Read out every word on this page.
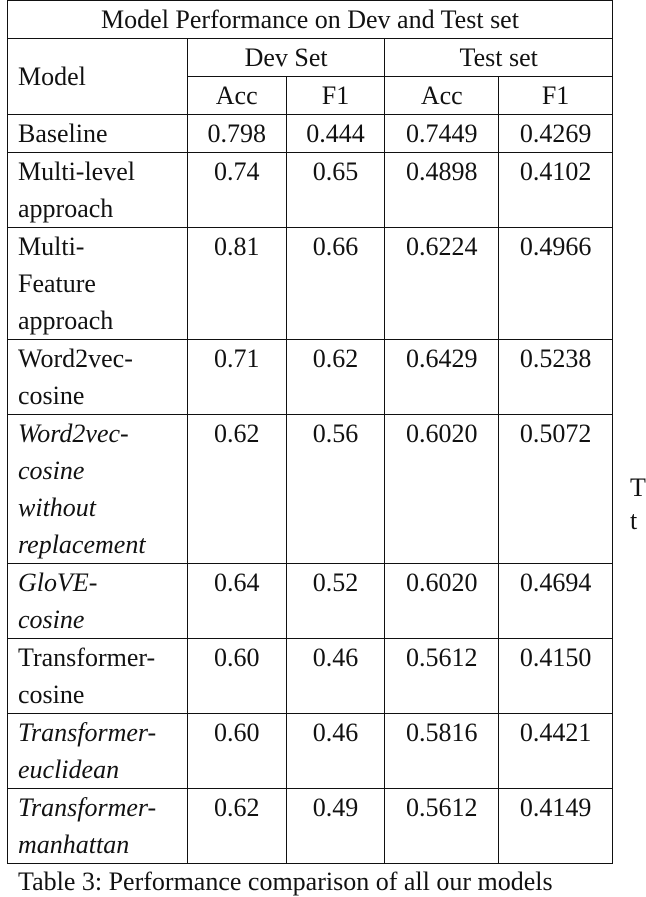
Model Performance on Dev and Test set				
Model	Dev Set		Test set	
	Acc	F1	Acc	F1
Baseline	0.798	0.444	0.7449	0.4269
Multi-level
approach	0.74	0.65	0.4898	0.4102
Multi-
Feature
approach	0.81	0.66	0.6224	0.4966
Word2vec-
cosine	0.71	0.62	0.6429	0.5238
Word2vec-
cosine
without
replacement	0.62	0.56	0.6020	0.5072
GloVE-
cosine	0.64	0.52	0.6020	0.4694
Transformer-
cosine	0.60	0.46	0.5612	0.4150
Transformer-
euclidean	0.60	0.46	0.5816	0.4421
Transformer-
manhattan	0.62	0.49	0.5612	0.4149
T
t
Table 3: Performance comparison of all our models
